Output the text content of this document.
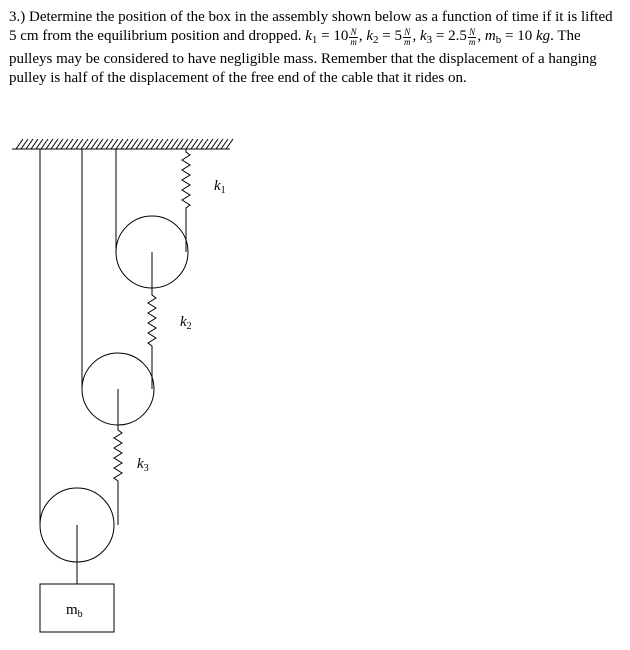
3.) Determine the position of the box in the assembly shown below as a function of time if it is lifted 5 cm from the equilibrium position and dropped. $k_1 = 10 \frac{N}{m}$ , $k_2 = 5 \frac{N}{m}$ , $k_3 = 2.5 \frac{N}{m}$ , $m_b = 10$ kg. The pulleys may be considered to have negligible mass. Remember that the displacement of a hanging pulley is half of the displacement of the free end of the cable that it rides on.

$k_1$
$k_2$
$k_3$
$m_b$
